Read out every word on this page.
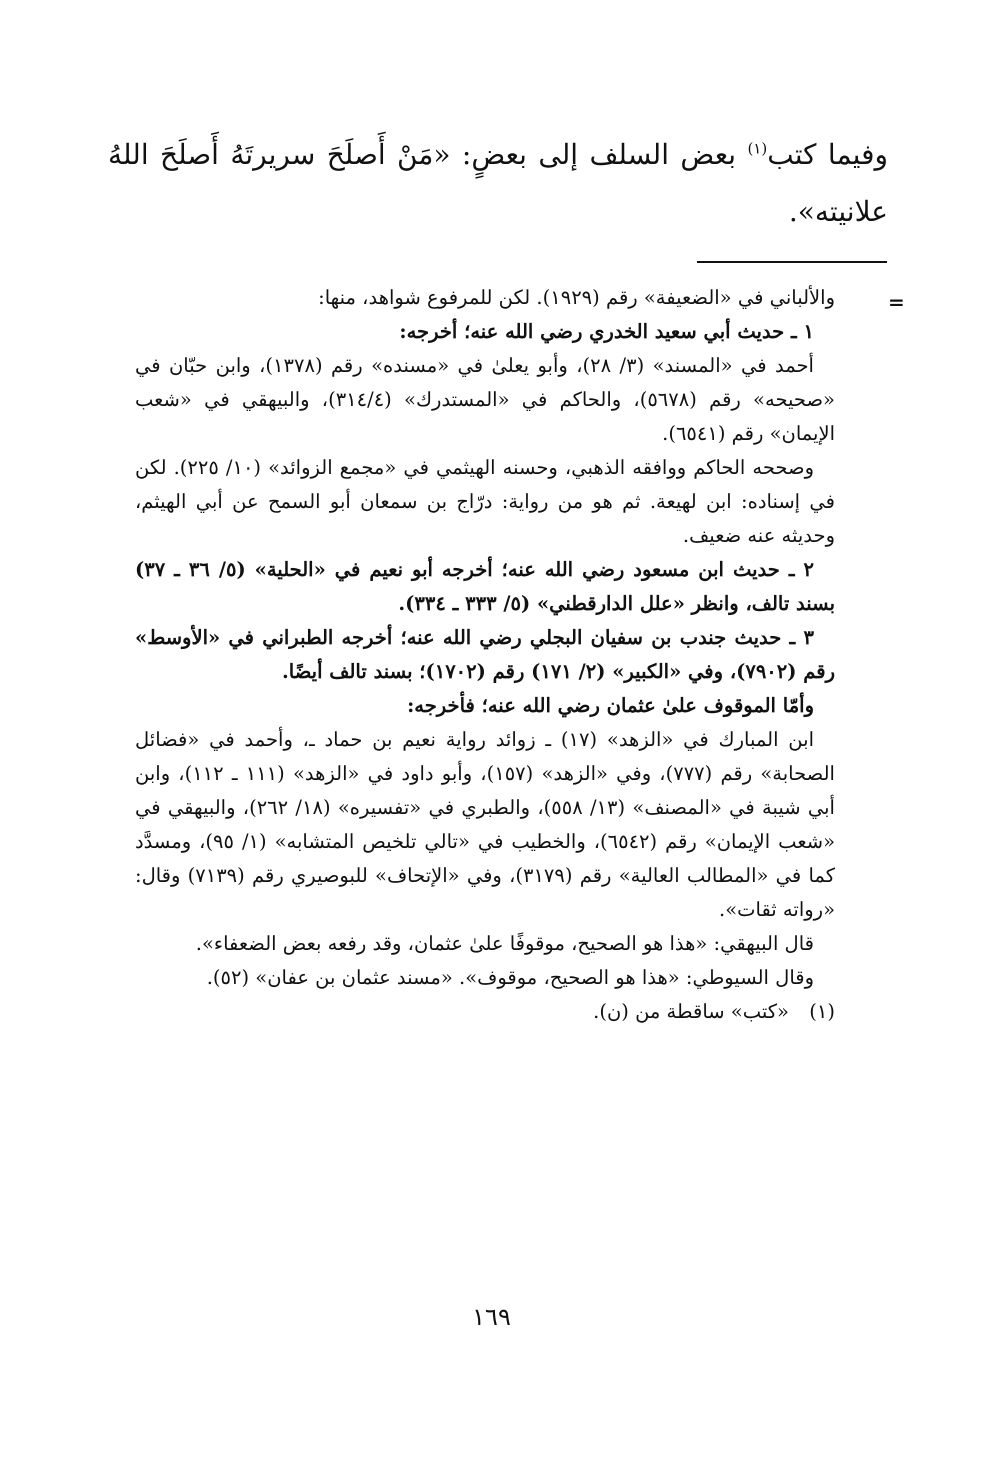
وفيما كتب$^{(١)}$ بعض السلف إلى بعضٍ: «مَنْ أَصلَحَ سريرتَهُ أَصلَحَ اللهُ علانيته».

=

والألباني في «الضعيفة» رقم (١٩٢٩). لكن للمرفوع شواهد، منها:

١ ـ حديث أبي سعيد الخدري رضي الله عنه؛ أخرجه:

أحمد في «المسند» (٣/ ٢٨)، وأبو يعلىٰ في «مسنده» رقم (١٣٧٨)، وابن حبّان في «صحيحه» رقم (٥٦٧٨)، والحاكم في «المستدرك» (٣١٤/٤)، والبيهقي في «شعب الإيمان» رقم (٦٥٤١).

وصححه الحاكم ووافقه الذهبي، وحسنه الهيثمي في «مجمع الزوائد» (١٠/ ٢٢٥). لكن في إسناده: ابن لهيعة. ثم هو من رواية: درّاج بن سمعان أبو السمح عن أبي الهيثم، وحديثه عنه ضعيف.

٢ ـ حديث ابن مسعود رضي الله عنه؛ أخرجه أبو نعيم في «الحلية» (٥/ ٣٦ ـ ٣٧) بسند تالف، وانظر «علل الدارقطني» (٥/ ٣٣٣ ـ ٣٣٤).

٣ ـ حديث جندب بن سفيان البجلي رضي الله عنه؛ أخرجه الطبراني في «الأوسط» رقم (٧٩٠٢)، وفي «الكبير» (٢/ ١٧١) رقم (١٧٠٢)؛ بسند تالف أيضًا.

وأمّا الموقوف علىٰ عثمان رضي الله عنه؛ فأخرجه:

ابن المبارك في «الزهد» (١٧) ـ زوائد رواية نعيم بن حماد ـ، وأحمد في «فضائل الصحابة» رقم (٧٧٧)، وفي «الزهد» (١٥٧)، وأبو داود في «الزهد» (١١١ ـ ١١٢)، وابن أبي شيبة في «المصنف» (١٣/ ٥٥٨)، والطبري في «تفسيره» (١٨/ ٢٦٢)، والبيهقي في «شعب الإيمان» رقم (٦٥٤٢)، والخطيب في «تالي تلخيص المتشابه» (١/ ٩٥)، ومسدَّد كما في «المطالب العالية» رقم (٣١٧٩)، وفي «الإتحاف» للبوصيري رقم (٧١٣٩) وقال: «رواته ثقات».

قال البيهقي: «هذا هو الصحيح، موقوفًا علىٰ عثمان، وقد رفعه بعض الضعفاء».

وقال السيوطي: «هذا هو الصحيح، موقوف». «مسند عثمان بن عفان» (٥٢).

(١)«كتب» ساقطة من (ن).

١٦٩
